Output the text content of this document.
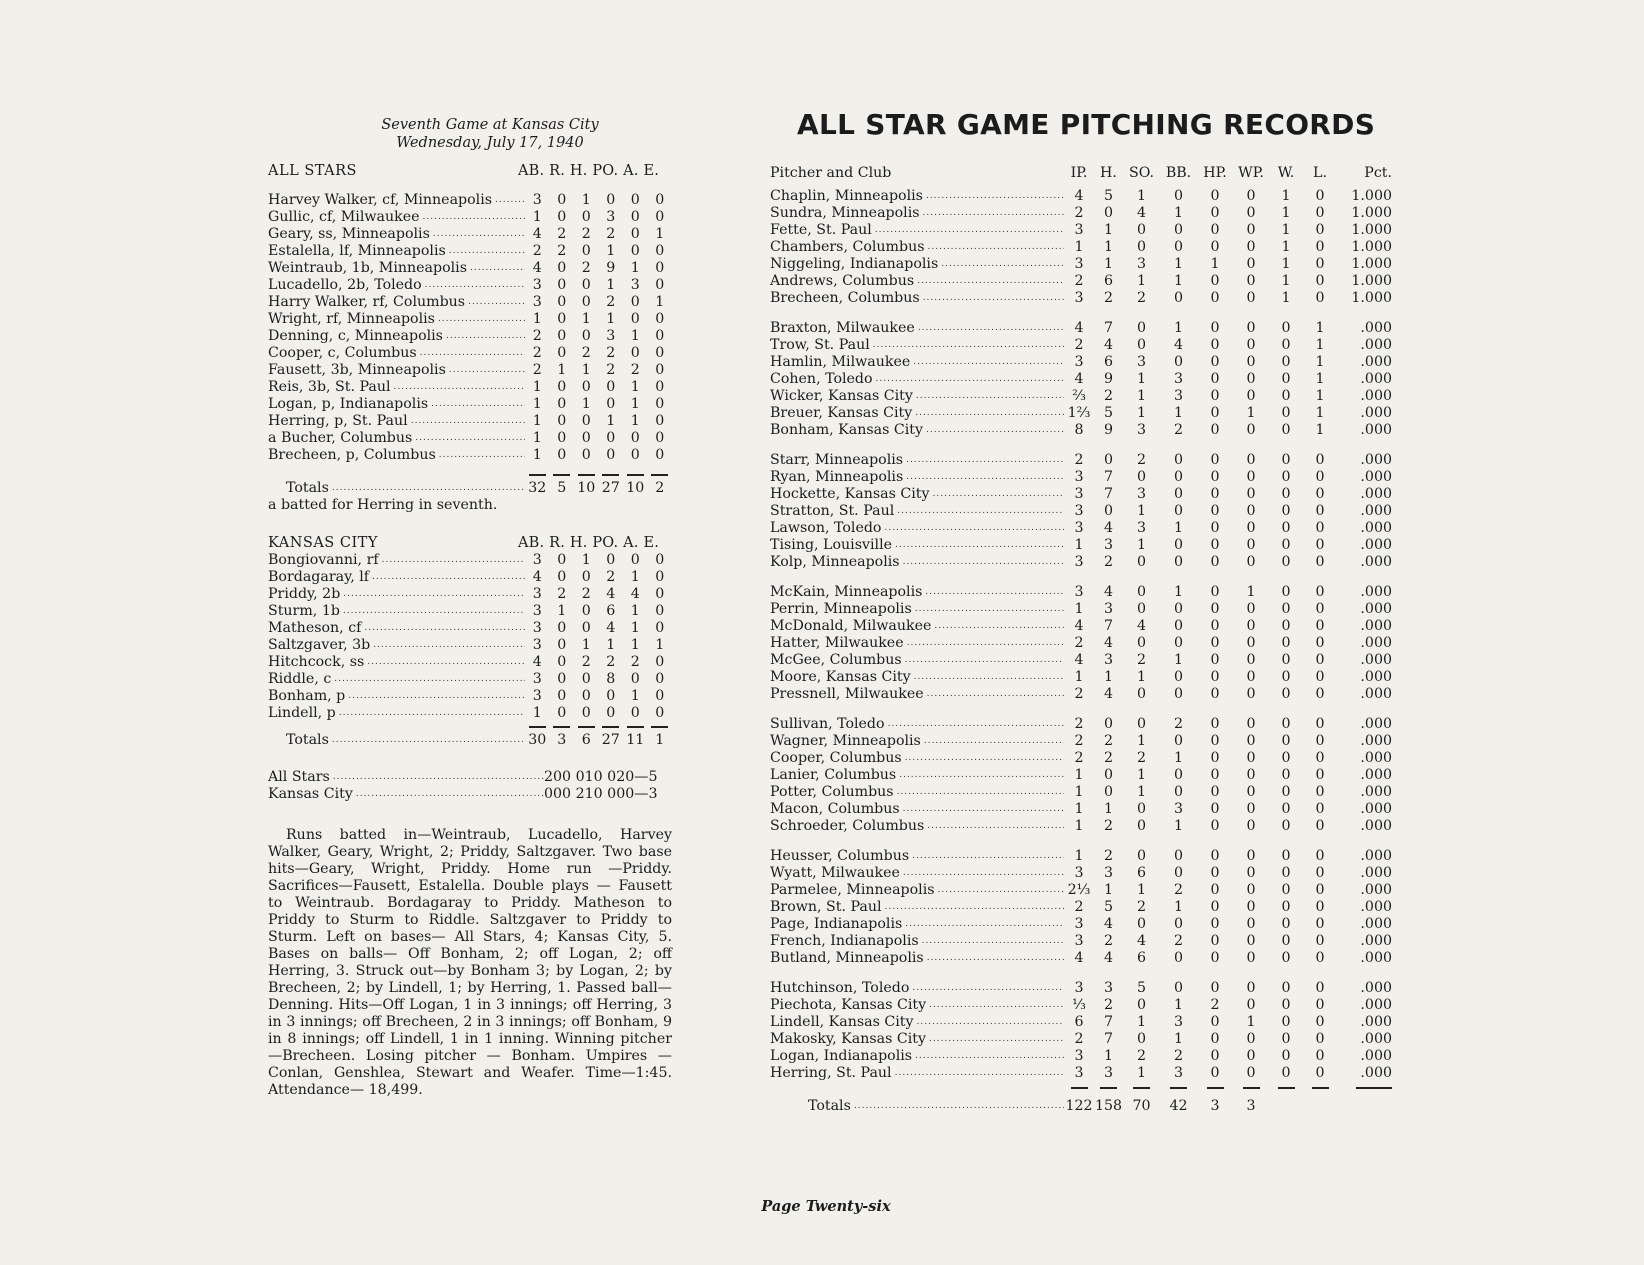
Seventh Game at Kansas City
Wednesday, July 17, 1940
ALL STARS	AB. R. H. PO. A. E.
Harvey Walker, cf, Minneapolis .....	3	0	1	0	0	0
Gullic, cf, Milwaukee .....	1	0	0	3	0	0
Geary, ss, Minneapolis .....	4	2	2	2	0	1
Estalella, lf, Minneapolis .....	2	2	0	1	0	0
Weintraub, 1b, Minneapolis .....	4	0	2	9	1	0
Lucadello, 2b, Toledo .....	3	0	0	1	3	0
Harry Walker, rf, Columbus .....	3	0	0	2	0	1
Wright, rf, Minneapolis .....	1	0	1	1	0	0
Denning, c, Minneapolis .....	2	0	0	3	1	0
Cooper, c, Columbus .....	2	0	2	2	0	0
Fausett, 3b, Minneapolis .....	2	1	1	2	2	0
Reis, 3b, St. Paul .....	1	0	0	0	1	0
Logan, p, Indianapolis .....	1	0	1	0	1	0
Herring, p, St. Paul .....	1	0	0	1	1	0
a Bucher, Columbus .....	1	0	0	0	0	0
Brecheen, p, Columbus .....	1	0	0	0	0	0
Totals .....	32 5 10 27 10 2
a batted for Herring in seventh.
KANSAS CITY	AB. R. H. PO. A. E.
Bongiovanni, rf .....	3	0	1	0	0	0
Bordagaray, lf .....	4	0	0	2	1	0
Priddy, 2b .....	3	2	2	4	4	0
Sturm, 1b .....	3	1	0	6	1	0
Matheson, cf .....	3	0	0	4	1	0
Saltzgaver, 3b .....	3	0	1	1	1	1
Hitchcock, ss .....	4	0	2	2	2	0
Riddle, c .....	3	0	0	8	0	0
Bonham, p .....	3	0	0	0	1	0
Lindell, p .....	1	0	0	0	0	0
Totals .....	30 3	6 27 11 1
All Stars .....	200 010 020—5
Kansas City .....	000 210 000—3
Runs batted in—Weintraub, Lucadello, Harvey Walker, Geary, Wright, 2; Priddy, Saltzgaver. Two base hits—Geary, Wright, Priddy. Home run —Priddy. Sacrifices—Fausett, Estalella. Double plays — Fausett to Weintraub. Bordagaray to Priddy. Matheson to Priddy to Sturm to Riddle. Saltzgaver to Priddy to Sturm. Left on bases— All Stars, 4; Kansas City, 5. Bases on balls— Off Bonham, 2; off Logan, 2; off Herring, 3. Struck out—by Bonham 3; by Logan, 2; by Brecheen, 2; by Lindell, 1; by Herring, 1. Passed ball—Denning. Hits—Off Logan, 1 in 3 innings; off Herring, 3 in 3 innings; off Brecheen, 2 in 3 innings; off Bonham, 9 in 8 innings; off Lindell, 1 in 1 inning. Winning pitcher—Brecheen. Losing pitcher — Bonham. Umpires — Conlan, Genshlea, Stewart and Weafer. Time—1:45. Attendance— 18,499.
ALL STAR GAME PITCHING RECORDS
Pitcher and Club	IP. H. SO. BB. HP. WP. W.	L.	Pct.
Chaplin, Minneapolis .....	4	5	1	0	0	0	1	0	1.000
Sundra, Minneapolis .....	2	0	4	1	0	0	1	0	1.000
Fette, St. Paul .....	3	1	0	0	0	0	1	0	1.000
Chambers, Columbus .....	1	1	0	0	0	0	1	0	1.000
Niggeling, Indianapolis .....	3	1	3	1	1	0	1	0	1.000
Andrews, Columbus .....	2	6	1	1	0	0	1	0	1.000
Brecheen, Columbus .....	3	2	2	0	0	0	1	0	1.000
Braxton, Milwaukee .....	4	7	0	1	0	0	0	1	.000
Trow, St. Paul .....	2	4	0	4	0	0	0	1	.000
Hamlin, Milwaukee .....	3	6	3	0	0	0	0	1	.000
Cohen, Toledo .....	4	9	1	3	0	0	0	1	.000
Wicker, Kansas City .....	⅔	2	1	3	0	0	0	1	.000
Breuer, Kansas City .....	1⅔ 5	1	1	0	1	0	1	.000
Bonham, Kansas City .....	8	9	3	2	0	0	0	1	.000
Starr, Minneapolis .....	2	0	2	0	0	0	0	0	.000
Ryan, Minneapolis .....	3	7	0	0	0	0	0	0	.000
Hockette, Kansas City .....	3	7	3	0	0	0	0	0	.000
Stratton, St. Paul .....	3	0	1	0	0	0	0	0	.000
Lawson, Toledo .....	3	4	3	1	0	0	0	0	.000
Tising, Louisville .....	1	3	1	0	0	0	0	0	.000
Kolp, Minneapolis .....	3	2	0	0	0	0	0	0	.000
McKain, Minneapolis .....	3	4	0	1	0	1	0	0	.000
Perrin, Minneapolis .....	1	3	0	0	0	0	0	0	.000
McDonald, Milwaukee .....	4	7	4	0	0	0	0	0	.000
Hatter, Milwaukee .....	2	4	0	0	0	0	0	0	.000
McGee, Columbus .....	4	3	2	1	0	0	0	0	.000
Moore, Kansas City .....	1	1	1	0	0	0	0	0	.000
Pressnell, Milwaukee .....	2	4	0	0	0	0	0	0	.000
Sullivan, Toledo .....	2	0	0	2	0	0	0	0	.000
Wagner, Minneapolis .....	2	2	1	0	0	0	0	0	.000
Cooper, Columbus .....	2	2	2	1	0	0	0	0	.000
Lanier, Columbus .....	1	0	1	0	0	0	0	0	.000
Potter, Columbus .....	1	0	1	0	0	0	0	0	.000
Macon, Columbus .....	1	1	0	3	0	0	0	0	.000
Schroeder, Columbus .....	1	2	0	1	0	0	0	0	.000
Heusser, Columbus .....	1	2	0	0	0	0	0	0	.000
Wyatt, Milwaukee .....	3	3	6	0	0	0	0	0	.000
Parmelee, Minneapolis .....	2⅓ 1	1	2	0	0	0	0	.000
Brown, St. Paul .....	2	5	2	1	0	0	0	0	.000
Page, Indianapolis .....	3	4	0	0	0	0	0	0	.000
French, Indianapolis .....	3	2	4	2	0	0	0	0	.000
Butland, Minneapolis .....	4	4	6	0	0	0	0	0	.000
Hutchinson, Toledo .....	3	3	5	0	0	0	0	0	.000
Piechota, Kansas City .....	⅓	2	0	1	2	0	0	0	.000
Lindell, Kansas City .....	6	7	1	3	0	1	0	0	.000
Makosky, Kansas City .....	2	7	0	1	0	0	0	0	.000
Logan, Indianapolis .....	3	1	2	2	0	0	0	0	.000
Herring, St. Paul .....	3	3	1	3	0	0	0	0	.000
Totals .....	122 158 70	42	3	3
Page Twenty-six
